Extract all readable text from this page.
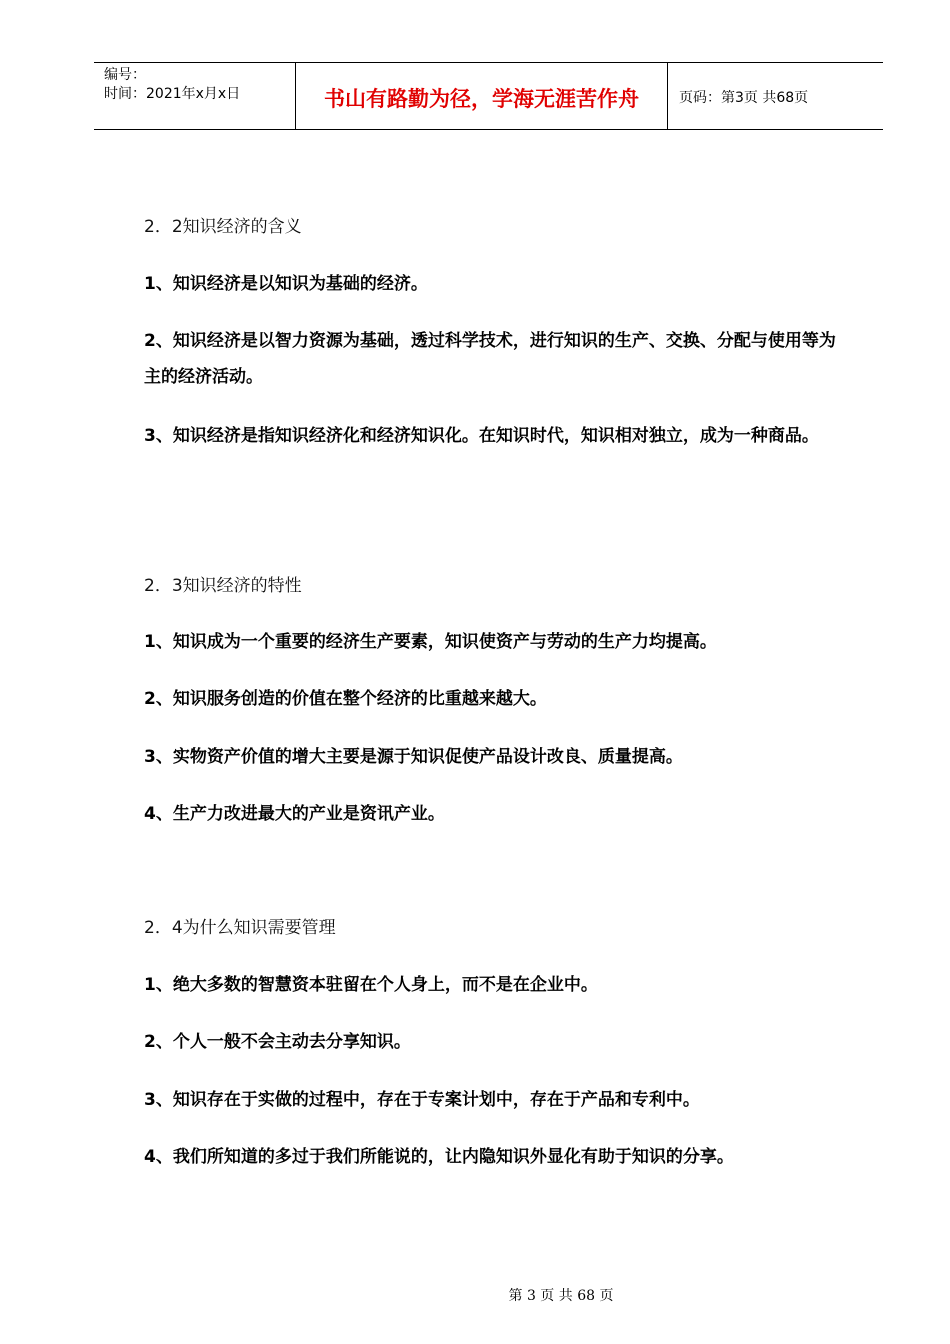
编号：
时间：2021年x月x日	书山有路勤为径，学海无涯苦作舟	页码：第3页 共68页
2．2知识经济的含义
1、知识经济是以知识为基础的经济。
2、知识经济是以智力资源为基础，透过科学技术，进行知识的生产、交换、分配与使用等为主的经济活动。
3、知识经济是指知识经济化和经济知识化。在知识时代，知识相对独立，成为一种商品。
2．3知识经济的特性
1、知识成为一个重要的经济生产要素，知识使资产与劳动的生产力均提高。
2、知识服务创造的价值在整个经济的比重越来越大。
3、实物资产价值的增大主要是源于知识促使产品设计改良、质量提高。
4、生产力改进最大的产业是资讯产业。
2．4为什么知识需要管理
1、绝大多数的智慧资本驻留在个人身上，而不是在企业中。
2、个人一般不会主动去分享知识。
3、知识存在于实做的过程中，存在于专案计划中，存在于产品和专利中。
4、我们所知道的多过于我们所能说的，让内隐知识外显化有助于知识的分享。
第 3 页 共 68 页
